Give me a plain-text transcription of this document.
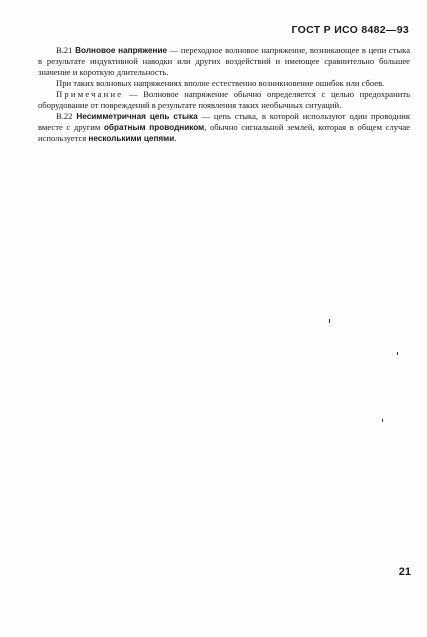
ГОСТ Р ИСО 8482—93

В.21 Волновое напряжение — переходное волновое напряжение, возникающее в цепи стыка в результате индуктивной наводки или других воздействий и имеющее сравнительно большее значение и короткую длительность.

При таких волновых напряжениях вполне естественно возникновение ошибок или сбоев.

Примечание — Волновое напряжение обычно определяется с целью предохранить оборудование от повреждений в результате появления таких необычных ситуаций.

В.22 Несимметричная цепь стыка — цепь стыка, в которой используют один проводник вместе с другим обратным проводником, обычно сигнальной землей, которая в общем случае используется несколькими цепями.

21
